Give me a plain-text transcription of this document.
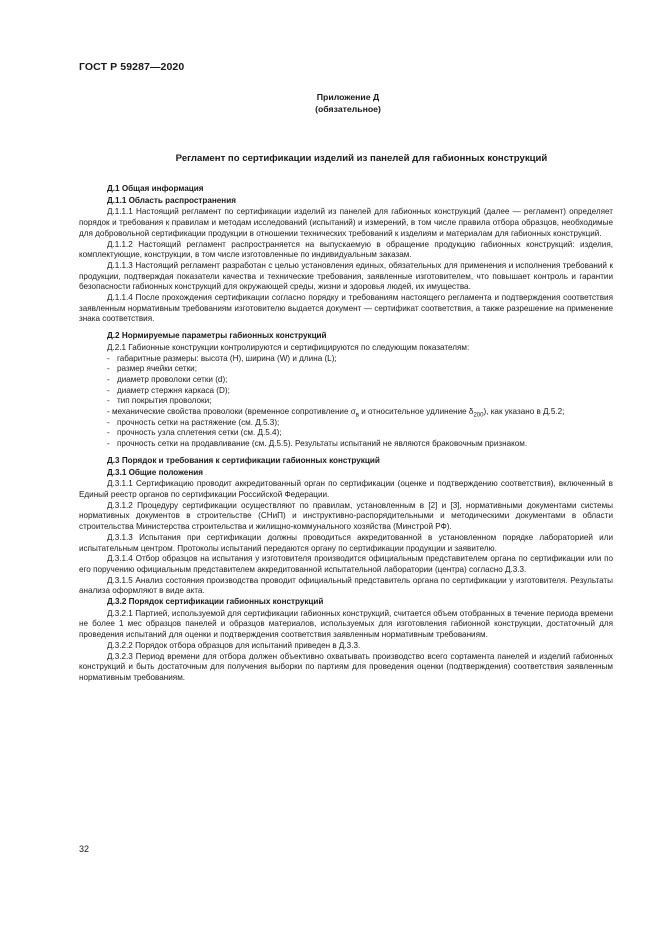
ГОСТ Р 59287—2020
Приложение Д
(обязательное)
Регламент по сертификации изделий из панелей для габионных конструкций
Д.1 Общая информация
Д.1.1 Область распространения

Д.1.1.1 Настоящий регламент по сертификации изделий из панелей для габионных конструкций (далее — регламент) определяет порядок и требования к правилам и методам исследований (испытаний) и измерений, в том числе правила отбора образцов, необходимые для добровольной сертификации продукции в отношении технических требований к изделиям и материалам для габионных конструкций.

Д.1.1.2 Настоящий регламент распространяется на выпускаемую в обращение продукцию габионных конструкций: изделия, комплектующие, конструкции, в том числе изготовленные по индивидуальным заказам.

Д.1.1.3 Настоящий регламент разработан с целью установления единых, обязательных для применения и исполнения требований к продукции, подтверждая показатели качества и технические требования, заявленные изготовителем, что повышает контроль и гарантии безопасности габионных конструкций для окружающей среды, жизни и здоровья людей, их имущества.

Д.1.1.4 После прохождения сертификации согласно порядку и требованиям настоящего регламента и подтверждения соответствия заявленным нормативным требованиям изготовителю выдается документ — сертификат соответствия, а также разрешение на применение знака соответствия.

Д.2 Нормируемые параметры габионных конструкций

Д.2.1 Габионные конструкции контролируются и сертифицируются по следующим показателям:

- габаритные размеры: высота (H), ширина (W) и длина (L);

- размер ячейки сетки;

- диаметр проволоки сетки (d);

- диаметр стержня каркаса (D);

- тип покрытия проволоки;

- механические свойства проволоки (временное сопротивление $\sigma_в$ и относительное удлинение $\delta_{200}$), как указано в Д.5.2;

- прочность сетки на растяжение (см. Д.5.3);

- прочность узла сплетения сетки (см. Д.5.4);

- прочность сетки на продавливание (см. Д.5.5). Результаты испытаний не являются браковочным признаком.

Д.3 Порядок и требования к сертификации габионных конструкций
Д.3.1 Общие положения

Д.3.1.1 Сертификацию проводит аккредитованный орган по сертификации (оценке и подтверждению соответствия), включенный в Единый реестр органов по сертификации Российской Федерации.

Д.3.1.2 Процедуру сертификации осуществляют по правилам, установленным в [2] и [3], нормативными документами системы нормативных документов в строительстве (СНиП) и инструктивно-распорядительными и методическими документами в области строительства Министерства строительства и жилищно-коммунального хозяйства (Минстрой РФ).

Д.3.1.3 Испытания при сертификации должны проводиться аккредитованной в установленном порядке лабораторией или испытательным центром. Протоколы испытаний передаются органу по сертификации продукции и заявителю.

Д.3.1.4 Отбор образцов на испытания у изготовителя производится официальным представителем органа по сертификации или по его поручению официальным представителем аккредитованной испытательной лаборатории (центра) согласно Д.3.3.

Д.3.1.5 Анализ состояния производства проводит официальный представитель органа по сертификации у изготовителя. Результаты анализа оформляют в виде акта.

Д.3.2 Порядок сертификации габионных конструкций

Д.3.2.1 Партией, используемой для сертификации габионных конструкций, считается объем отобранных в течение периода времени не более 1 мес образцов панелей и образцов материалов, используемых для изготовления габионной конструкции, достаточный для проведения испытаний для оценки и подтверждения соответствия заявленным нормативным требованиям.

Д.3.2.2 Порядок отбора образцов для испытаний приведен в Д.3.3.

Д.3.2.3 Период времени для отбора должен объективно охватывать производство всего сортамента панелей и изделий габионных конструкций и быть достаточным для получения выборки по партиям для проведения оценки (подтверждения) соответствия заявленным нормативным требованиям.

32
